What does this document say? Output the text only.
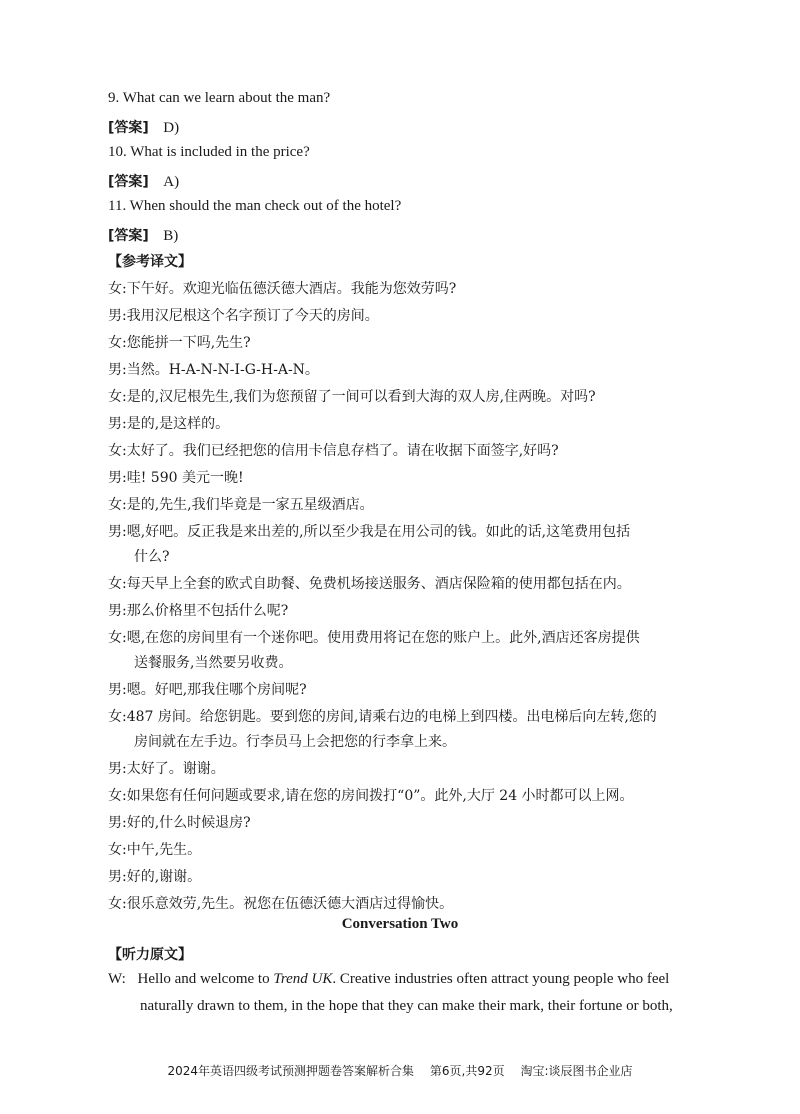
9. What can we learn about the man?
[答案] D)
10. What is included in the price?
[答案] A)
11. When should the man check out of the hotel?
[答案] B)
【参考译文】
女:下午好。欢迎光临伍德沃德大酒店。我能为您效劳吗?
男:我用汉尼根这个名字预订了今天的房间。
女:您能拼一下吗,先生?
男:当然。H-A-N-N-I-G-H-A-N。
女:是的,汉尼根先生,我们为您预留了一间可以看到大海的双人房,住两晚。对吗?
男:是的,是这样的。
女:太好了。我们已经把您的信用卡信息存档了。请在收据下面签字,好吗?
男:哇! 590 美元一晚!
女:是的,先生,我们毕竟是一家五星级酒店。
男:嗯,好吧。反正我是来出差的,所以至少我是在用公司的钱。如此的话,这笔费用包括
什么?
女:每天早上全套的欧式自助餐、免费机场接送服务、酒店保险箱的使用都包括在内。
男:那么价格里不包括什么呢?
女:嗯,在您的房间里有一个迷你吧。使用费用将记在您的账户上。此外,酒店还客房提供
送餐服务,当然要另收费。
男:嗯。好吧,那我住哪个房间呢?
女:487 房间。给您钥匙。要到您的房间,请乘右边的电梯上到四楼。出电梯后向左转,您的
房间就在左手边。行李员马上会把您的行李拿上来。
男:太好了。谢谢。
女:如果您有任何问题或要求,请在您的房间拨打“0”。此外,大厅 24 小时都可以上网。
男:好的,什么时候退房?
女:中午,先生。
男:好的,谢谢。
女:很乐意效劳,先生。祝您在伍德沃德大酒店过得愉快。
Conversation Two
【听力原文】
W: Hello and welcome to Trend UK. Creative industries often attract young people who feel
naturally drawn to them, in the hope that they can make their mark, their fortune or both,
2024年英语四级考试预测押题卷答案解析合集 第6页,共92页 淘宝:谈辰图书企业店
